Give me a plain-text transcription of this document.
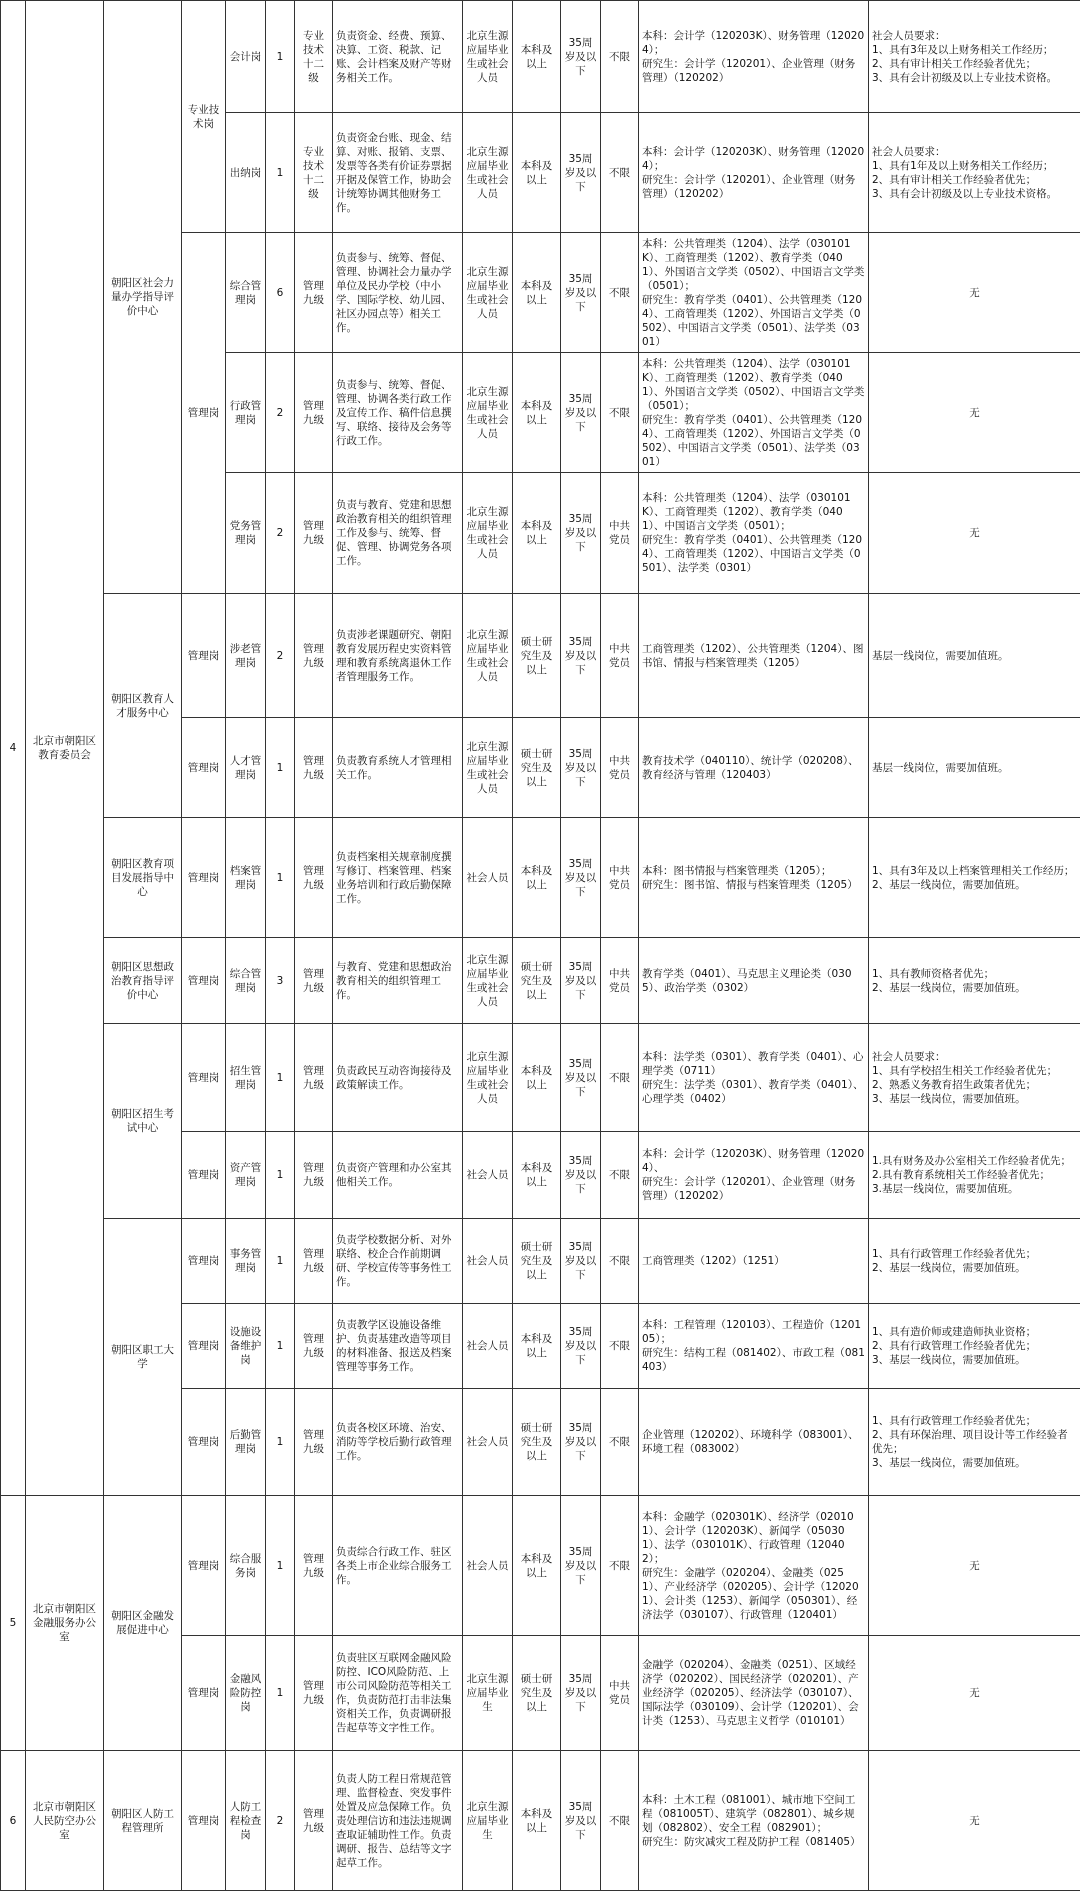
4	北京市朝阳区教育委员会	朝阳区社会力量办学指导评价中心	专业技术岗	会计岗	1	专业技术十二级	负责资金、经费、预算、决算、工资、税款、记账、会计档案及财产等财务相关工作。	北京生源应届毕业生或社会人员	本科及以上	35周岁及以下	不限	本科：会计学（120203K）、财务管理（120204）；
研究生：会计学（120201）、企业管理（财务管理）（120202）	社会人员要求：
1、具有3年及以上财务相关工作经历；
2、具有审计相关工作经验者优先；
3、具有会计初级及以上专业技术资格。
				出纳岗	1	专业技术十二级	负责资金台账、现金、结算、对账、报销、支票、发票等各类有价证券票据开据及保管工作，协助会计统筹协调其他财务工作。	北京生源应届毕业生或社会人员	本科及以上	35周岁及以下	不限	本科：会计学（120203K）、财务管理（120204）；
研究生：会计学（120201）、企业管理（财务管理）（120202）	社会人员要求：
1、具有1年及以上财务相关工作经历；
2、具有审计相关工作经验者优先；
3、具有会计初级及以上专业技术资格。
			管理岗	综合管理岗	6	管理九级	负责参与、统筹、督促、管理、协调社会力量办学单位及民办学校（中小学、国际学校、幼儿园、社区办园点等）相关工作。	北京生源应届毕业生或社会人员	本科及以上	35周岁及以下	不限	本科：公共管理类（1204）、法学（030101K）、工商管理类（1202）、教育学类（0401）、外国语言文学类（0502）、中国语言文学类（0501）；
研究生：教育学类（0401）、公共管理类（1204）、工商管理类（1202）、外国语言文学类（0502）、中国语言文学类（0501）、法学类（0301）	无
				行政管理岗	2	管理九级	负责参与、统筹、督促、管理、协调各类行政工作及宣传工作、稿件信息撰写、联络、接待及会务等行政工作。	北京生源应届毕业生或社会人员	本科及以上	35周岁及以下	不限	本科：公共管理类（1204）、法学（030101K）、工商管理类（1202）、教育学类（0401）、外国语言文学类（0502）、中国语言文学类（0501）；
研究生：教育学类（0401）、公共管理类（1204）、工商管理类（1202）、外国语言文学类（0502）、中国语言文学类（0501）、法学类（0301）	无
				党务管理岗	2	管理九级	负责与教育、党建和思想政治教育相关的组织管理工作及参与、统筹、督促、管理、协调党务各项工作。	北京生源应届毕业生或社会人员	本科及以上	35周岁及以下	中共党员	本科：公共管理类（1204）、法学（030101K）、工商管理类（1202）、教育学类（0401）、中国语言文学类（0501）；
研究生：教育学类（0401）、公共管理类（1204）、工商管理类（1202）、中国语言文学类（0501）、法学类（0301）	无
		朝阳区教育人才服务中心	管理岗	涉老管理岗	2	管理九级	负责涉老课题研究、朝阳教育发展历程史实资料管理和教育系统离退休工作者管理服务工作。	北京生源应届毕业生或社会人员	硕士研究生及以上	35周岁及以下	中共党员	工商管理类（1202）、公共管理类（1204）、图书馆、情报与档案管理类（1205）	基层一线岗位，需要加值班。
			管理岗	人才管理岗	1	管理九级	负责教育系统人才管理相关工作。	北京生源应届毕业生或社会人员	硕士研究生及以上	35周岁及以下	中共党员	教育技术学（040110）、统计学（020208）、教育经济与管理（120403）	基层一线岗位，需要加值班。
		朝阳区教育项目发展指导中心	管理岗	档案管理岗	1	管理九级	负责档案相关规章制度撰写修订、档案管理、档案业务培训和行政后勤保障工作。	社会人员	本科及以上	35周岁及以下	中共党员	本科：图书情报与档案管理类（1205）；
研究生：图书馆、情报与档案管理类（1205）	1、具有3年及以上档案管理相关工作经历；
2、基层一线岗位，需要加值班。
		朝阳区思想政治教育指导评价中心	管理岗	综合管理岗	3	管理九级	与教育、党建和思想政治教育相关的组织管理工作。	北京生源应届毕业生或社会人员	硕士研究生及以上	35周岁及以下	中共党员	教育学类（0401）、马克思主义理论类（0305）、政治学类（0302）	1、具有教师资格者优先；
2、基层一线岗位，需要加值班。
		朝阳区招生考试中心	管理岗	招生管理岗	1	管理九级	负责政民互动咨询接待及政策解读工作。	北京生源应届毕业生或社会人员	本科及以上	35周岁及以下	不限	本科：法学类（0301）、教育学类（0401）、心理学类（0711）
研究生：法学类（0301）、教育学类（0401）、心理学类（0402）	社会人员要求：
1、具有学校招生相关工作经验者优先；
2、熟悉义务教育招生政策者优先；
3、基层一线岗位，需要加值班。
			管理岗	资产管理岗	1	管理九级	负责资产管理和办公室其他相关工作。	社会人员	本科及以上	35周岁及以下	不限	本科：会计学（120203K）、财务管理（120204）、
研究生：会计学（120201）、企业管理（财务管理）（120202）	1.具有财务及办公室相关工作经验者优先；
2.具有教育系统相关工作经验者优先；
3.基层一线岗位，需要加值班。
		朝阳区职工大学	管理岗	事务管理岗	1	管理九级	负责学校数据分析、对外联络、校企合作前期调研、学校宣传等事务性工作。	社会人员	硕士研究生及以上	35周岁及以下	不限	工商管理类（1202）（1251）	1、具有行政管理工作经验者优先；
2、基层一线岗位，需要加值班。
			管理岗	设施设备维护岗	1	管理九级	负责教学区设施设备维护、负责基建改造等项目的材料准备、报送及档案管理等事务工作。	社会人员	本科及以上	35周岁及以下	不限	本科：工程管理（120103）、工程造价（120105）；
研究生：结构工程（081402）、市政工程（081403）	1、具有造价师或建造师执业资格；
2、具有行政管理工作经验者优先；
3、基层一线岗位，需要加值班。
			管理岗	后勤管理岗	1	管理九级	负责各校区环境、治安、消防等学校后勤行政管理工作。	社会人员	硕士研究生及以上	35周岁及以下	不限	企业管理（120202）、环境科学（083001）、环境工程（083002）	1、具有行政管理工作经验者优先；
2、具有环保治理、项目设计等工作经验者优先；
3、基层一线岗位，需要加值班。
5	北京市朝阳区金融服务办公室	朝阳区金融发展促进中心	管理岗	综合服务岗	1	管理九级	负责综合行政工作、驻区各类上市企业综合服务工作。	社会人员	本科及以上	35周岁及以下	不限	本科：金融学（020301K）、经济学（020101）、会计学（120203K）、新闻学（050301）、法学（030101K）、行政管理（120402）；
研究生：金融学（020204）、金融类（0251）、产业经济学（020205）、会计学（120201）、会计类（1253）、新闻学（050301）、经济法学（030107）、行政管理（120401）	无
			管理岗	金融风险防控岗	1	管理九级	负责驻区互联网金融风险防控、ICO风险防范、上市公司风险防范等相关工作，负责防范打击非法集资相关工作，负责调研报告起草等文字性工作。	北京生源应届毕业生	硕士研究生及以上	35周岁及以下	中共党员	金融学（020204）、金融类（0251）、区域经济学（020202）、国民经济学（020201）、产业经济学（020205）、经济法学（030107）、国际法学（030109）、会计学（120201）、会计类（1253）、马克思主义哲学（010101）	无
6	北京市朝阳区人民防空办公室	朝阳区人防工程管理所	管理岗	人防工程检查岗	2	管理九级	负责人防工程日常规范管理、监督检查、突发事件处置及应急保障工作。负责处理信访和违法违规调查取证辅助性工作。负责调研、报告、总结等文字起草工作。	北京生源应届毕业生	本科及以上	35周岁及以下	不限	本科：土木工程（081001）、城市地下空间工程（081005T）、建筑学（082801）、城乡规划（082802）、安全工程（082901）；
研究生：防灾减灾工程及防护工程（081405）	无
